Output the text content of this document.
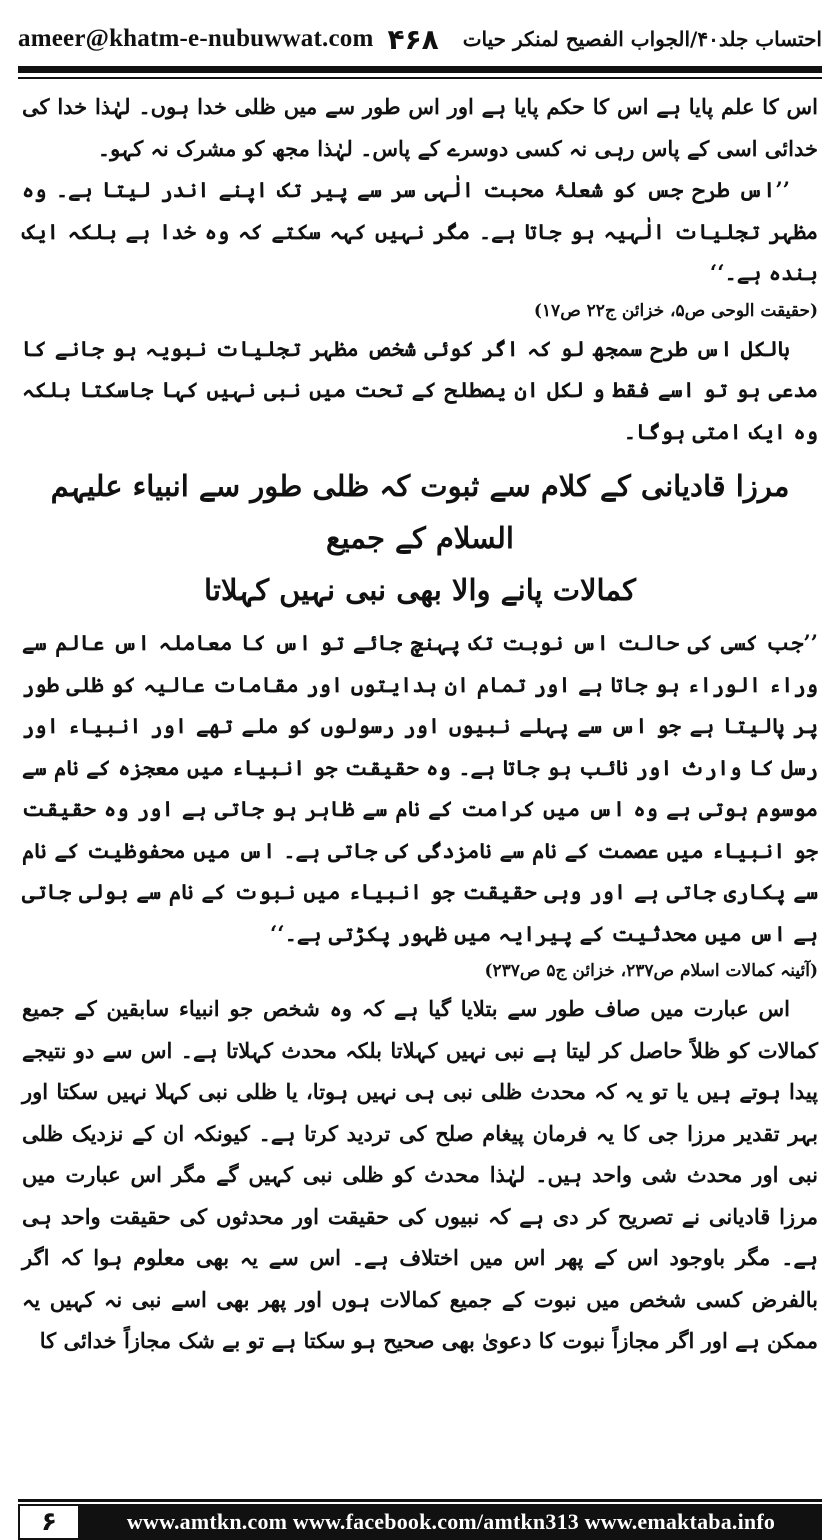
ameer@khatm-e-nubuwwat.com ۴۶۸ احتساب جلد۴۰/الجواب الفصیح لمنکر حیات

اس کا علم پایا ہے اس کا حکم پایا ہے اور اس طور سے میں ظلی خدا ہوں۔ لہٰذا خدا کی خدائی اسی کے پاس رہی نہ کسی دوسرے کے پاس۔ لہٰذا مجھ کو مشرک نہ کہو۔

’’اس طرح جس کو شعلۂ محبت الٰہی سر سے پیر تک اپنے اندر لیتا ہے۔ وہ مظہر تجلیات الٰہیہ ہو جاتا ہے۔ مگر نہیں کہہ سکتے کہ وہ خدا ہے بلکہ ایک بندہ ہے۔‘‘

(حقیقت الوحی ص۵، خزائن ج۲۲ ص۱۷)

بالکل اس طرح سمجھ لو کہ اگر کوئی شخص مظہر تجلیات نبویہ ہو جانے کا مدعی ہو تو اسے فقط و لکل ان یصطلح کے تحت میں نبی نہیں کہا جاسکتا بلکہ وہ ایک امتی ہوگا۔

مرزا قادیانی کے کلام سے ثبوت کہ ظلی طور سے انبیاء علیہم السلام کے جمیع
کمالات پانے والا بھی نبی نہیں کہلاتا

’’جب کسی کی حالت اس نوبت تک پہنچ جائے تو اس کا معاملہ اس عالم سے وراء الوراء ہو جاتا ہے اور تمام ان ہدایتوں اور مقامات عالیہ کو ظلی طور پر پالیتا ہے جو اس سے پہلے نبیوں اور رسولوں کو ملے تھے اور انبیاء اور رسل کا وارث اور نائب ہو جاتا ہے۔ وہ حقیقت جو انبیاء میں معجزہ کے نام سے موسوم ہوتی ہے وہ اس میں کرامت کے نام سے ظاہر ہو جاتی ہے اور وہ حقیقت جو انبیاء میں عصمت کے نام سے نامزدگی کی جاتی ہے۔ اس میں محفوظیت کے نام سے پکاری جاتی ہے اور وہی حقیقت جو انبیاء میں نبوت کے نام سے بولی جاتی ہے اس میں محدثیت کے پیرایہ میں ظہور پکڑتی ہے۔‘‘

(آئینہ کمالات اسلام ص۲۳۷، خزائن ج۵ ص۲۳۷)

اس عبارت میں صاف طور سے بتلایا گیا ہے کہ وہ شخص جو انبیاء سابقین کے جمیع کمالات کو ظلاً حاصل کر لیتا ہے نبی نہیں کہلاتا بلکہ محدث کہلاتا ہے۔ اس سے دو نتیجے پیدا ہوتے ہیں یا تو یہ کہ محدث ظلی نبی ہی نہیں ہوتا، یا ظلی نبی کہلا نہیں سکتا اور بہر تقدیر مرزا جی کا یہ فرمان پیغام صلح کی تردید کرتا ہے۔ کیونکہ ان کے نزدیک ظلی نبی اور محدث شی واحد ہیں۔ لہٰذا محدث کو ظلی نبی کہیں گے مگر اس عبارت میں مرزا قادیانی نے تصریح کر دی ہے کہ نبیوں کی حقیقت اور محدثوں کی حقیقت واحد ہی ہے۔ مگر باوجود اس کے پھر اس میں اختلاف ہے۔ اس سے یہ بھی معلوم ہوا کہ اگر بالفرض کسی شخص میں نبوت کے جمیع کمالات ہوں اور پھر بھی اسے نبی نہ کہیں یہ ممکن ہے اور اگر مجازاً نبوت کا دعویٰ بھی صحیح ہو سکتا ہے تو بے شک مجازاً خدائی کا

۶	www.amtkn.com www.facebook.com/amtkn313 www.emaktaba.info
